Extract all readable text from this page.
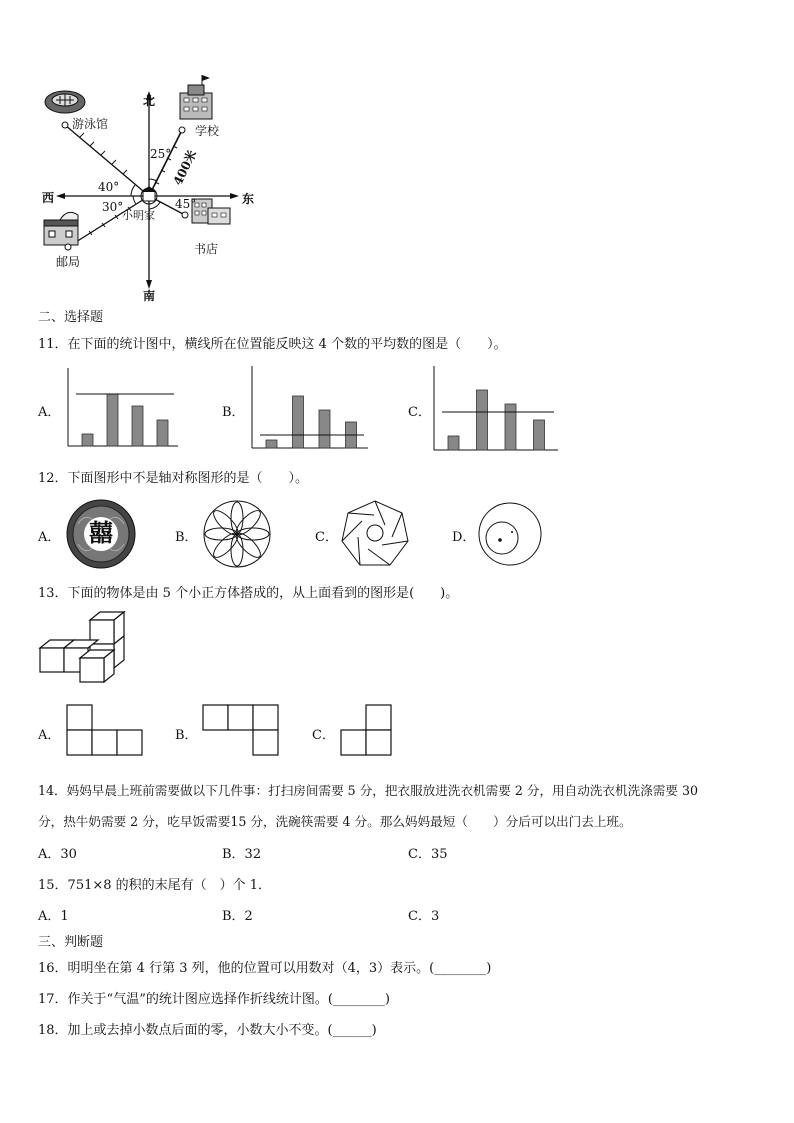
北
南
西	东
游泳馆	学校
邮局
书店
小明家
25°
40°
30°	45°
400米
二、选择题
11．在下面的统计图中，横线所在位置能反映这 4 个数的平均数的图是（　　）。
A．	B．	C．
12．下面图形中不是轴对称图形的是（　　）。
A．	B．	C．	D．
囍
13．下面的物体是由 5 个小正方体搭成的，从上面看到的图形是(　　)。
A．	B．	C．
14．妈妈早晨上班前需要做以下几件事：打扫房间需要 5 分，把衣服放进洗衣机需要 2 分，用自动洗衣机洗涤需要 30
分，热牛奶需要 2 分，吃早饭需要15 分，洗碗筷需要 4 分。那么妈妈最短（　　）分后可以出门去上班。
A．30	B．32	C．35
15．751×8 的积的末尾有（　）个 1．
A．1	B．2	C．3
三、判断题
16．明明坐在第 4 行第 3 列，他的位置可以用数对（4，3）表示。(________)
17．作关于“气温”的统计图应选择作折线统计图。(________)
18．加上或去掉小数点后面的零，小数大小不变。(______)
